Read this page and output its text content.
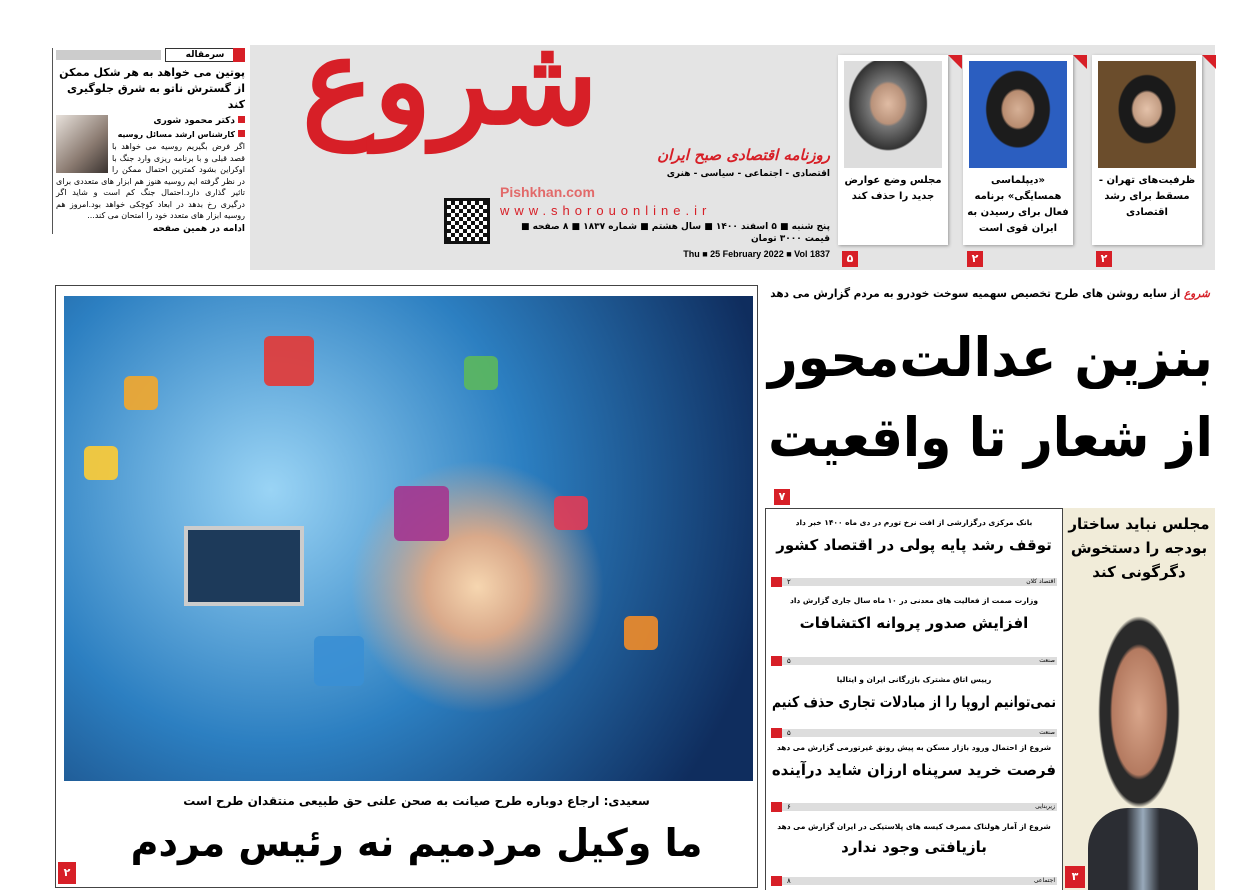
سرمقاله
پوتین می خواهد به هر شکل ممکن از گسترش ناتو به شرق جلوگیری کند
دکتر محمود شوری
کارشناس ارشد مسائل روسیه
اگر فرض بگیریم روسیه می خواهد با قصد قبلی و با برنامه ریزی وارد جنگ با اوکراین بشود کمترین احتمال ممکن را در نظر گرفته ایم روسیه هنوز هم ابزار های متعددی برای تاثیر گذاری دارد.احتمال جنگ کم است و شاید اگر درگیری رخ بدهد در ابعاد کوچکی خواهد بود.امروز هم روسیه ابزار های متعدد خود را امتحان می کند...
ادامه در همین صفحه
شروع
روزنامه اقتصادی صبح ایران
اقتصادی - اجتماعی - سیاسی - هنری
Pishkhan.com
www.shorouonline.ir
پنج شنبه ■ ۵ اسفند ۱۴۰۰ ■ سال هشتم ■ شماره ۱۸۳۷ ■ ۸ صفحه ■ قیمت ۳۰۰۰ تومان
Thu ■ 25 February 2022 ■ Vol 1837
ظرفیت‌های تهران - مسقط برای رشد اقتصادی
۲
«دیپلماسی همسایگی» برنامه فعال برای رسیدن به ایران قوی است
۲
مجلس وضع عوارض جدید را حذف کند
۵
سعیدی: ارجاع دوباره طرح صیانت به صحن علنی حق طبیعی منتقدان طرح است
ما وکیل مردمیم نه رئیس مردم
۲
شروع از سایه روشن های طرح تخصیص سهمیه سوخت خودرو به مردم گزارش می دهد
بنزین عدالت‌محور
از شعار تا واقعیت
۷
بانک مرکزی درگزارشی از افت نرخ تورم در دی ماه ۱۴۰۰ خبر داد
توقف رشد پایه پولی در اقتصاد کشور
اقتصاد کلان
۲
وزارت صمت از فعالیت های معدنی در ۱۰ ماه سال جاری گزارش داد
افزایش صدور پروانه اکتشافات
صنعت
۵
رییس اتاق مشترک بازرگانی ایران و ایتالیا
نمی‌توانیم اروپا را از مبادلات تجاری حذف کنیم
صنعت
۵
شروع از احتمال ورود بازار مسکن به پیش رونق غیرتورمی گزارش می دهد
فرصت خرید سرپناه ارزان شاید درآینده
زیربنایی
۶
شروع از آمار هولناک مصرف کیسه های پلاستیکی در ایران گزارش می دهد
بازیافتی وجود ندارد
اجتماعی
۸
مجلس نباید ساختار بودجه را دستخوش دگرگونی کند
۳
